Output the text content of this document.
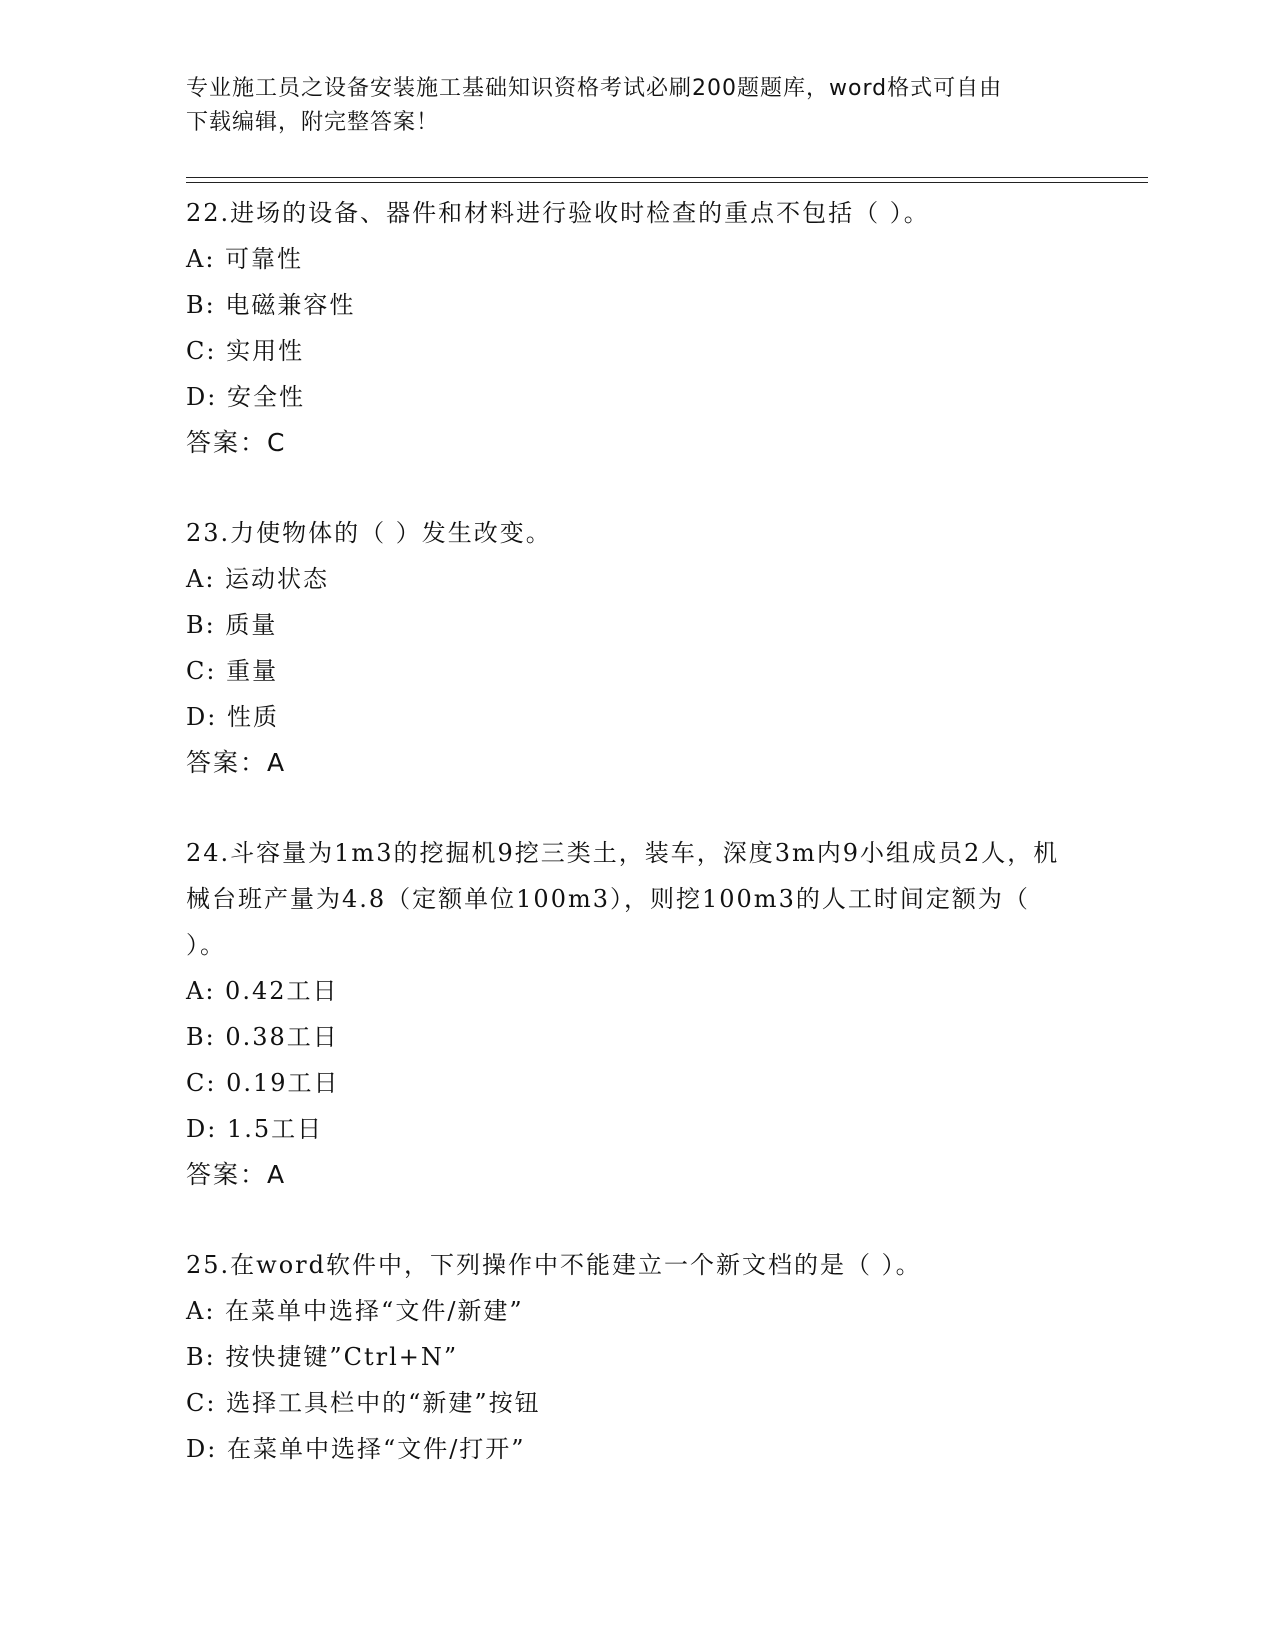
专业施工员之设备安装施工基础知识资格考试必刷200题题库，word格式可自由
下载编辑，附完整答案！
22.进场的设备、器件和材料进行验收时检查的重点不包括（ ）。
A: 可靠性
B: 电磁兼容性
C: 实用性
D: 安全性
答案：C
23.力使物体的（ ）发生改变。
A: 运动状态
B: 质量
C: 重量
D: 性质
答案：A
24.斗容量为1m3的挖掘机9挖三类土，装车，深度3m内9小组成员2人，机械台班产量为4.8（定额单位100m3），则挖100m3的人工时间定额为（ ）。
A: 0.42工日
B: 0.38工日
C: 0.19工日
D: 1.5工日
答案：A
25.在word软件中，下列操作中不能建立一个新文档的是（ ）。
A: 在菜单中选择“文件/新建”
B: 按快捷键”Ctrl+N”
C: 选择工具栏中的“新建”按钮
D: 在菜单中选择“文件/打开”
